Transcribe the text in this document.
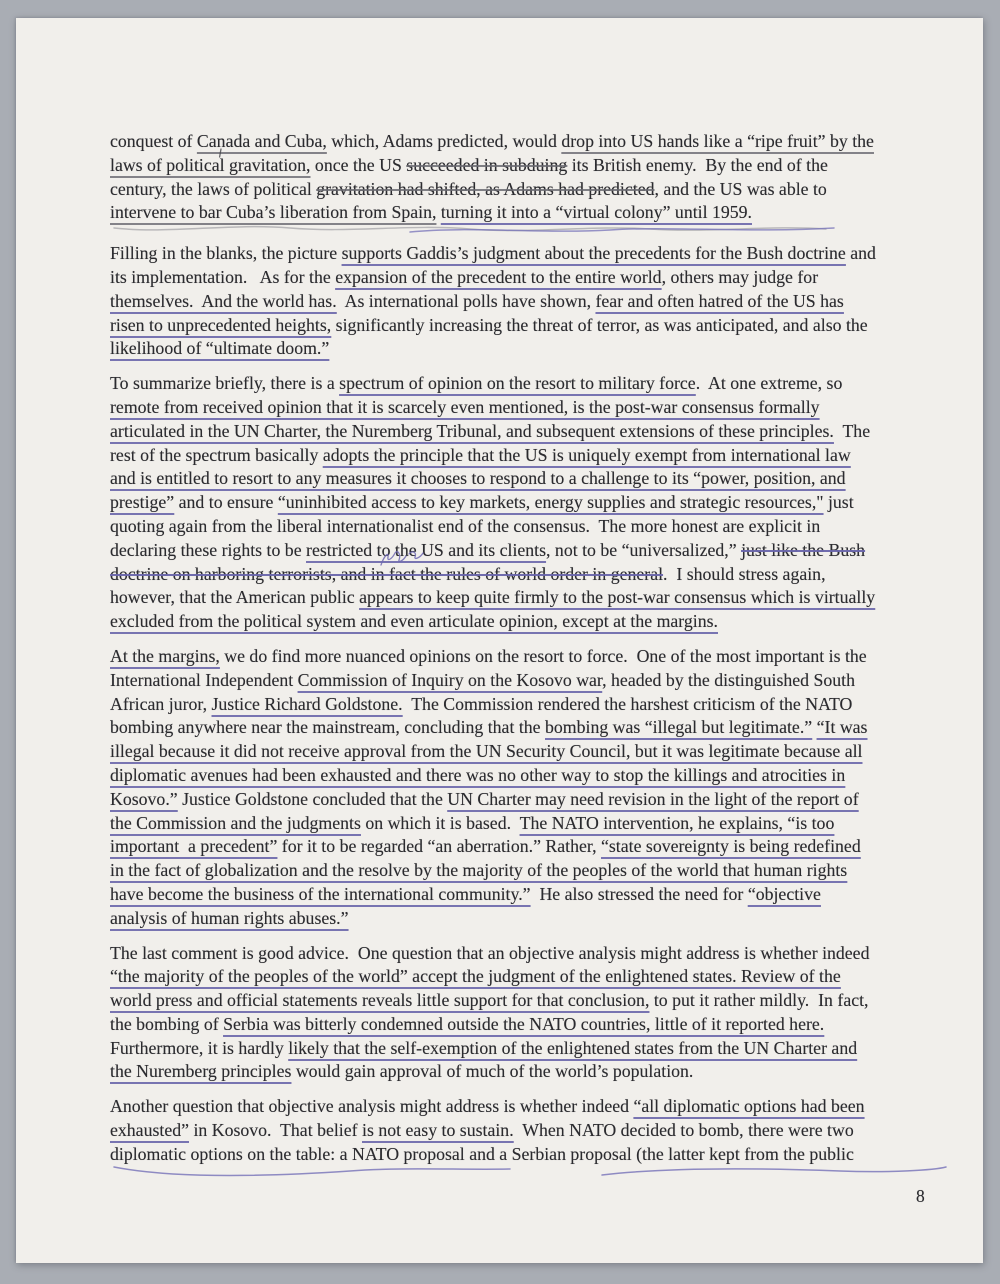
conquest of Canada and Cuba, which, Adams predicted, would drop into US hands like a “ripe fruit” by the
laws of political gravitation, once the US succeeded in subduing its British enemy.  By the end of the
century, the laws of political gravitation had shifted, as Adams had predicted, and the US was able to
intervene to bar Cuba’s liberation from Spain, turning it into a “virtual colony” until 1959.
Filling in the blanks, the picture supports Gaddis’s judgment about the precedents for the Bush doctrine and
its implementation.   As for the expansion of the precedent to the entire world, others may judge for
themselves.  And the world has.  As international polls have shown, fear and often hatred of the US has
risen to unprecedented heights, significantly increasing the threat of terror, as was anticipated, and also the
likelihood of “ultimate doom.”
To summarize briefly, there is a spectrum of opinion on the resort to military force.  At one extreme, so
remote from received opinion that it is scarcely even mentioned, is the post-war consensus formally
articulated in the UN Charter, the Nuremberg Tribunal, and subsequent extensions of these principles.  The
rest of the spectrum basically adopts the principle that the US is uniquely exempt from international law
and is entitled to resort to any measures it chooses to respond to a challenge to its “power, position, and
prestige” and to ensure “uninhibited access to key markets, energy supplies and strategic resources," just
quoting again from the liberal internationalist end of the consensus.  The more honest are explicit in
declaring these rights to be restricted to the US and its clients, not to be “universalized,” just like the Bush
doctrine on harboring terrorists, and in
fact the rules of world order in general.  I should stress again,
however, that the American public appears to keep quite firmly to the post-war consensus which is virtually
excluded from the political system and even articulate opinion, except at the margins.
At the margins, we do find more nuanced opinions on the resort to force.  One of the most important is the
International Independent Commission of Inquiry on the Kosovo war, headed by the distinguished South
African juror, Justice Richard Goldstone.  The Commission rendered the harshest criticism of the NATO
bombing anywhere near the mainstream, concluding that the bombing was “illegal but legitimate.” “It was
illegal because it did not receive approval from the UN Security Council, but it was legitimate because all
diplomatic avenues had been exhausted and there was no other way to stop the killings and atrocities in
Kosovo.” Justice Goldstone concluded that the UN Charter may need revision in the light of the report of
the Commission and the judgments on which it is based.  The NATO intervention, he explains, “is too
important  a precedent” for it to be regarded “an aberration.” Rather, “state sovereignty is being redefined
in the fact of globalization and the resolve by the majority of the peoples of the world that human rights
have become the business of the international community.”  He also stressed the need for “objective
analysis of human rights abuses.”
The last comment is good advice.  One question that an objective analysis might address is whether indeed
“the majority of the peoples of the world” accept the judgment of the enlightened states. Review of the
world press and official statements reveals little support for that conclusion, to put it rather mildly.  In fact,
the bombing of Serbia was bitterly condemned outside the NATO countries, little of it reported here.
Furthermore, it is hardly likely that the self-exemption of the enlightened states from the UN Charter and
the Nuremberg principles would gain approval of much of the world’s population.
Another question that objective analysis might address is whether indeed “all diplomatic options had been
exhausted” in Kosovo.  That belief is not easy to sustain.  When NATO decided to bomb, there were two
diplomatic options on the table: a NATO proposal and a Serbian proposal (the latter kept from the public
8
